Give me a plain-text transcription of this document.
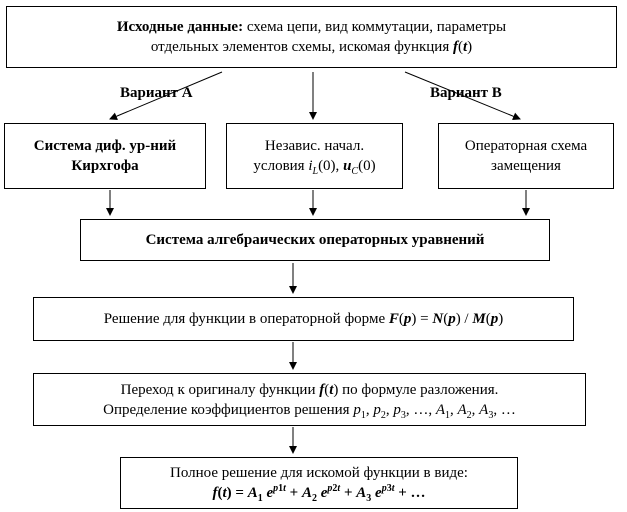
Исходные данные: схема цепи, вид коммутации, параметры
отдельных элементов схемы, искомая функция f(t)
Вариант А	Вариант В
Система диф. ур-ний
Кирхгофа
Независ. начал.
условия $i_L(0)$, $u_C(0)$
Операторная схема
замещения
Система алгебраических операторных уравнений
Решение для функции в операторной форме F(p) = N(p) / M(p)
Переход к оригиналу функции f(t) по формуле разложения.
Определение коэффициентов решения $p_1$, $p_2$, $p_3$, …, $A_1$, $A_2$, $A_3$, …
Полное решение для искомой функции в виде:
$f(t) = A_1$ $e^{p1t} + A_2$ $e^{p2t} + A_3$ $e^{p3t}$ + …
